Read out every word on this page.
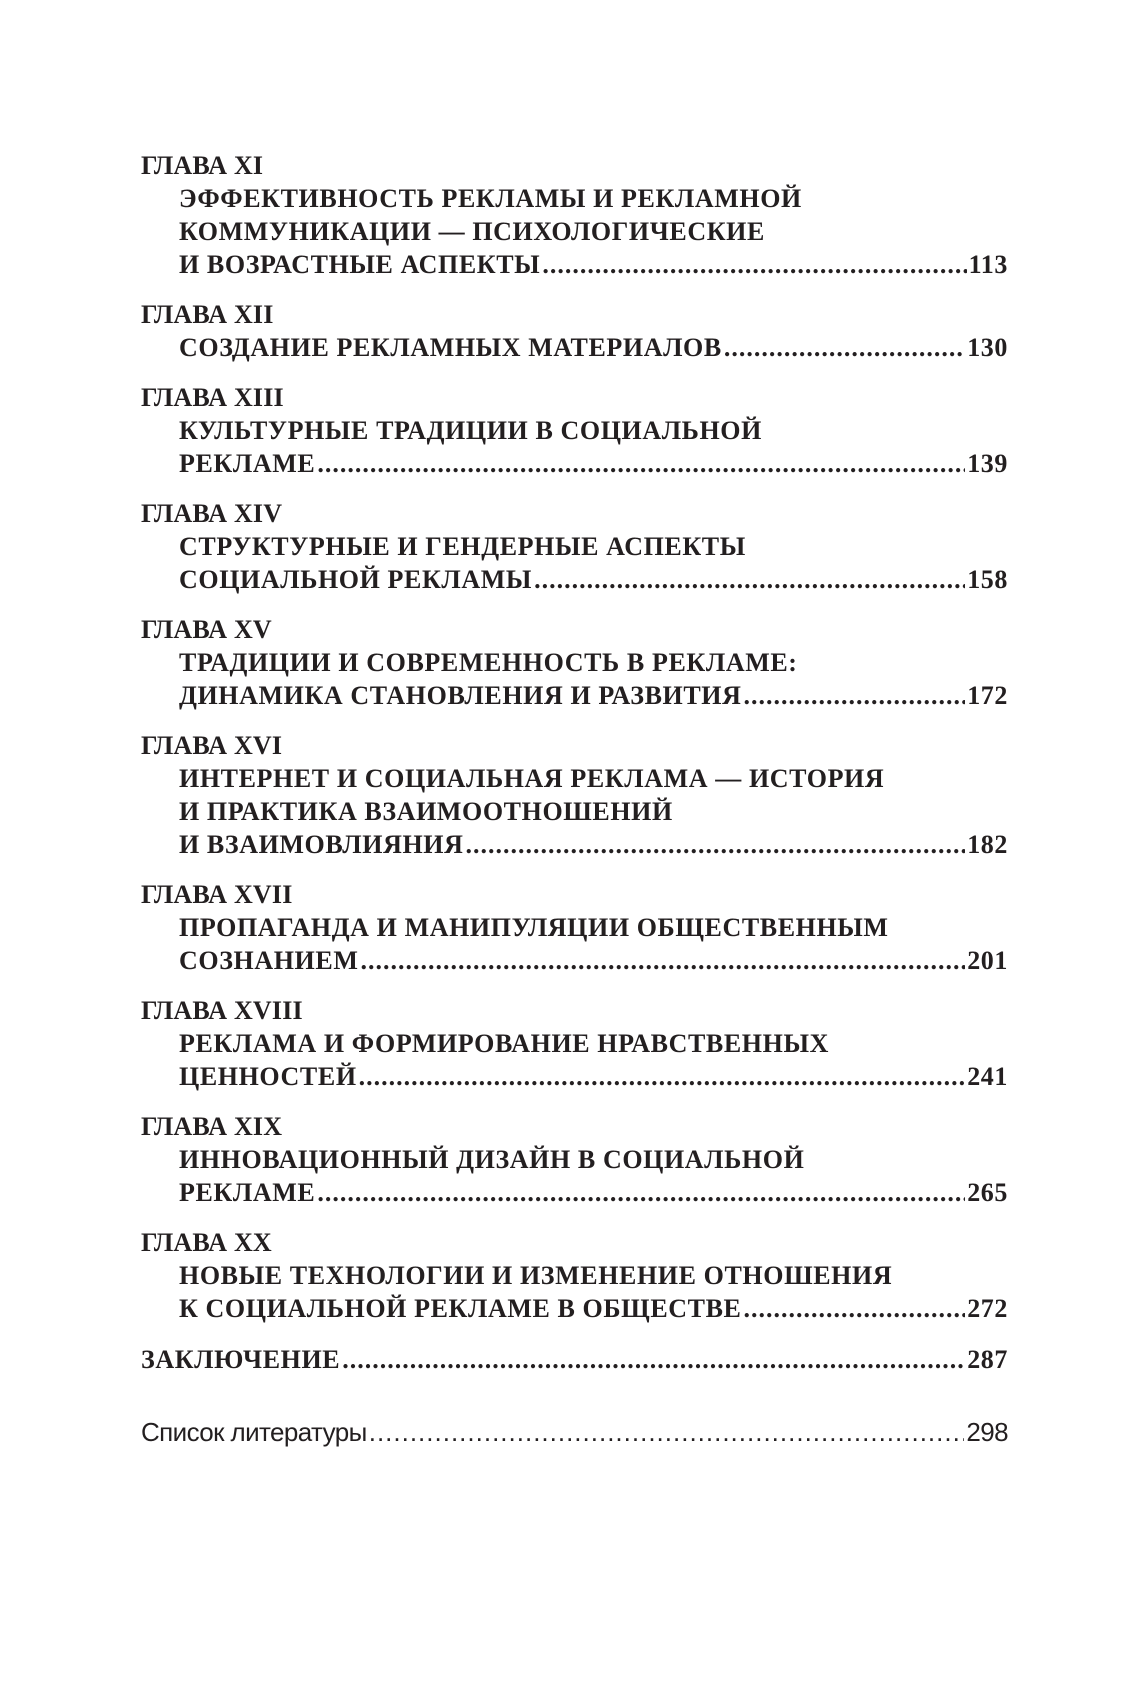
ГЛАВА XI
ЭФФЕКТИВНОСТЬ РЕКЛАМЫ И РЕКЛАМНОЙ
КОММУНИКАЦИИ — ПСИХОЛОГИЧЕСКИЕ
И ВОЗРАСТНЫЕ АСПЕКТЫ .....	113
ГЛАВА XII
СОЗДАНИЕ РЕКЛАМНЫХ МАТЕРИАЛОВ .....	130
ГЛАВА XIII
КУЛЬТУРНЫЕ ТРАДИЦИИ В СОЦИАЛЬНОЙ
РЕКЛАМЕ .....	139
ГЛАВА XIV
СТРУКТУРНЫЕ И ГЕНДЕРНЫЕ АСПЕКТЫ
СОЦИАЛЬНОЙ РЕКЛАМЫ .....	158
ГЛАВА XV
ТРАДИЦИИ И СОВРЕМЕННОСТЬ В РЕКЛАМЕ:
ДИНАМИКА СТАНОВЛЕНИЯ И РАЗВИТИЯ .....	172
ГЛАВА XVI
ИНТЕРНЕТ И СОЦИАЛЬНАЯ РЕКЛАМА — ИСТОРИЯ
И ПРАКТИКА ВЗАИМООТНОШЕНИЙ
И ВЗАИМОВЛИЯНИЯ .....	182
ГЛАВА XVII
ПРОПАГАНДА И МАНИПУЛЯЦИИ ОБЩЕСТВЕННЫМ
СОЗНАНИЕМ .....	201
ГЛАВА XVIII
РЕКЛАМА И ФОРМИРОВАНИЕ НРАВСТВЕННЫХ
ЦЕННОСТЕЙ .....	241
ГЛАВА XIX
ИННОВАЦИОННЫЙ ДИЗАЙН В СОЦИАЛЬНОЙ
РЕКЛАМЕ .....	265
ГЛАВА XX
НОВЫЕ ТЕХНОЛОГИИ И ИЗМЕНЕНИЕ ОТНОШЕНИЯ
К СОЦИАЛЬНОЙ РЕКЛАМЕ В ОБЩЕСТВЕ .....	272
ЗАКЛЮЧЕНИЕ .....	287
Список литературы .....	298
